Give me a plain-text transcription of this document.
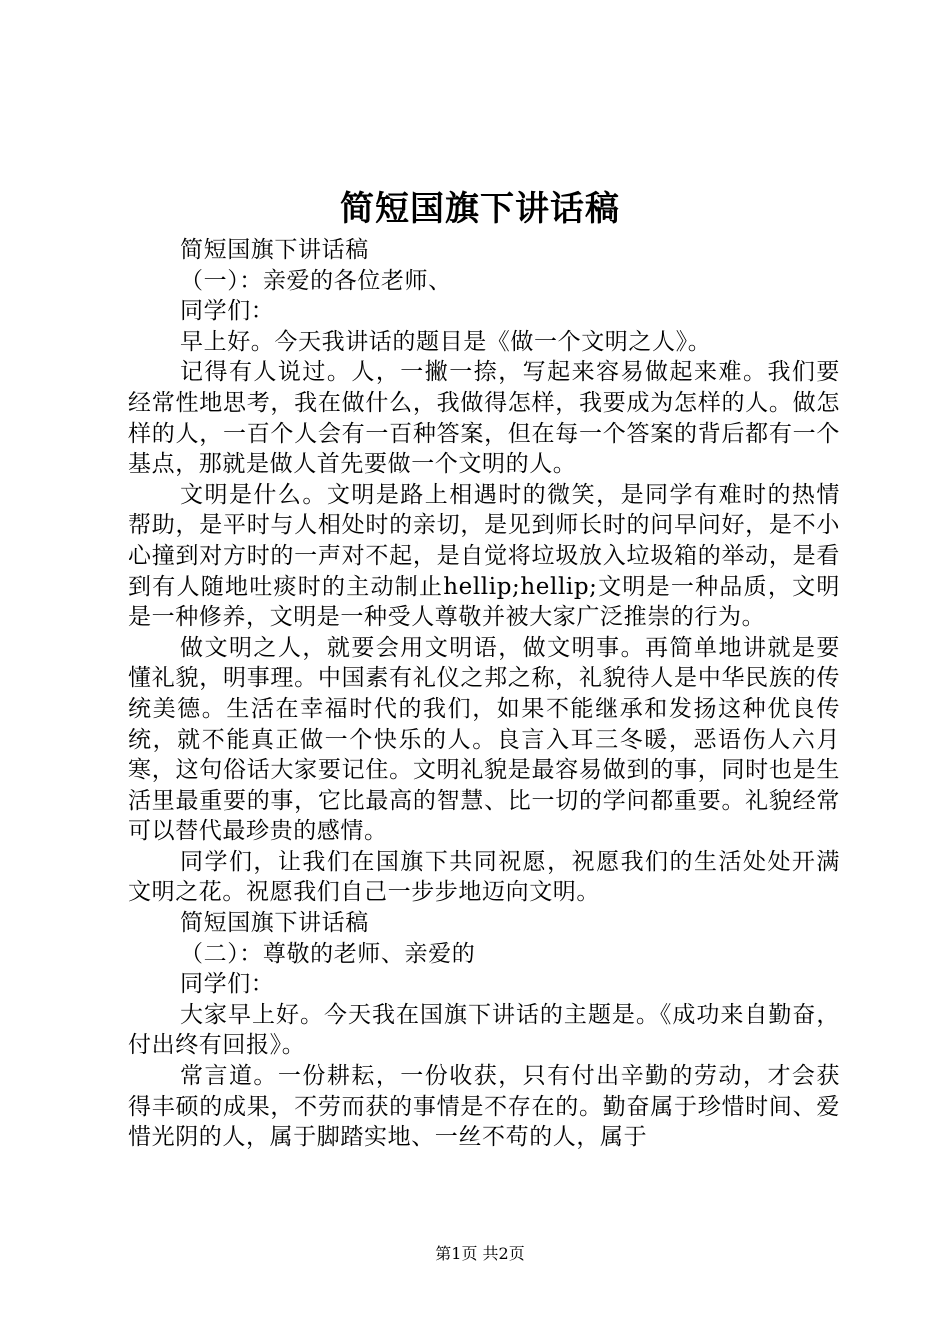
简短国旗下讲话稿

简短国旗下讲话稿

（一）：亲爱的各位老师、

同学们：

早上好。今天我讲话的题目是《做一个文明之人》。

记得有人说过。人，一撇一捺，写起来容易做起来难。我们要经常性地思考，我在做什么，我做得怎样，我要成为怎样的人。做怎样的人，一百个人会有一百种答案，但在每一个答案的背后都有一个基点，那就是做人首先要做一个文明的人。

文明是什么。文明是路上相遇时的微笑，是同学有难时的热情帮助，是平时与人相处时的亲切，是见到师长时的问早问好，是不小心撞到对方时的一声对不起，是自觉将垃圾放入垃圾箱的举动，是看到有人随地吐痰时的主动制止hellip;hellip;文明是一种品质，文明是一种修养，文明是一种受人尊敬并被大家广泛推崇的行为。

做文明之人，就要会用文明语，做文明事。再简单地讲就是要懂礼貌，明事理。中国素有礼仪之邦之称，礼貌待人是中华民族的传统美德。生活在幸福时代的我们，如果不能继承和发扬这种优良传统，就不能真正做一个快乐的人。良言入耳三冬暖，恶语伤人六月寒，这句俗话大家要记住。文明礼貌是最容易做到的事，同时也是生活里最重要的事，它比最高的智慧、比一切的学问都重要。礼貌经常可以替代最珍贵的感情。

同学们，让我们在国旗下共同祝愿，祝愿我们的生活处处开满文明之花。祝愿我们自己一步步地迈向文明。

简短国旗下讲话稿

（二）：尊敬的老师、亲爱的

同学们：

大家早上好。今天我在国旗下讲话的主题是。《成功来自勤奋，付出终有回报》。

常言道。一份耕耘，一份收获，只有付出辛勤的劳动，才会获得丰硕的成果，不劳而获的事情是不存在的。勤奋属于珍惜时间、爱惜光阴的人，属于脚踏实地、一丝不苟的人，属于

第1页 共2页
